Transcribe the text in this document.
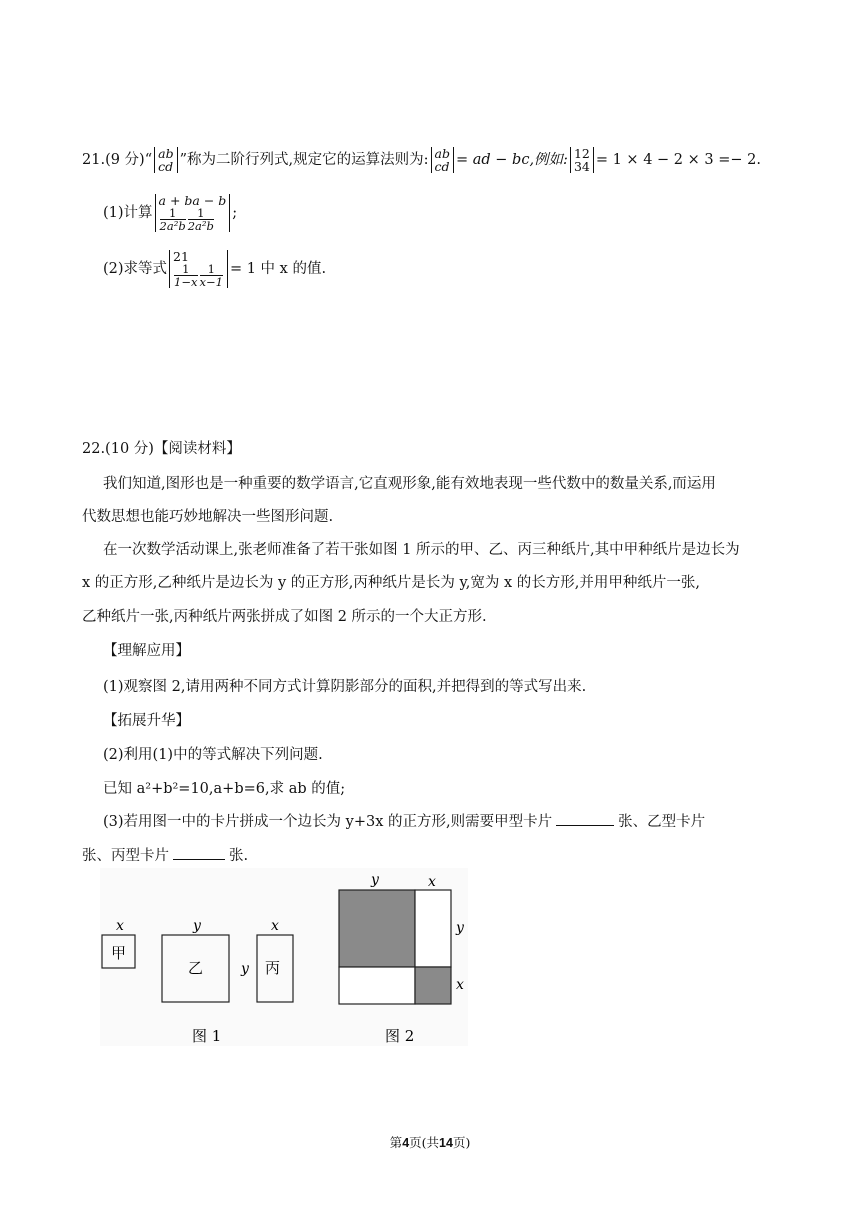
21.(9 分)“ ab
cd ”称为二阶行列式,规定它的运算法则为: ab
cd = ad − bc,例如: 12
34 = 1 × 4 − 2 × 3 =− 2.
(1)计算
a + ba − b
$\frac{1}{\text{2a²b}} \frac{1}{\text{2a²b}}$ ;
(2)求等式
21
$\frac{1}{1-x} \frac{1}{x-1} = 1$ 中 x 的值.
22.(10 分)【阅读材料】
我们知道,图形也是一种重要的数学语言,它直观形象,能有效地表现一些代数中的数量关系,而运用
代数思想也能巧妙地解决一些图形问题.
在一次数学活动课上,张老师准备了若干张如图 1 所示的甲、乙、丙三种纸片,其中甲种纸片是边长为
x 的正方形,乙种纸片是边长为 y 的正方形,丙种纸片是长为 y,宽为 x 的长方形,并用甲种纸片一张,
乙种纸片一张,丙种纸片两张拼成了如图 2 所示的一个大正方形.
【理解应用】
(1)观察图 2,请用两种不同方式计算阴影部分的面积,并把得到的等式写出来.
【拓展升华】
(2)利用(1)中的等式解决下列问题.
已知 a²+b²=10,a+b=6,求 ab 的值;
(3)若用图一中的卡片拼成一个边长为 y+3x 的正方形,则需要甲型卡片	张、乙型卡片
张、丙型卡片	张.
x
甲
y
乙	y
x
丙
图 1
y	x
y
x
图 2
第4页(共14页)
